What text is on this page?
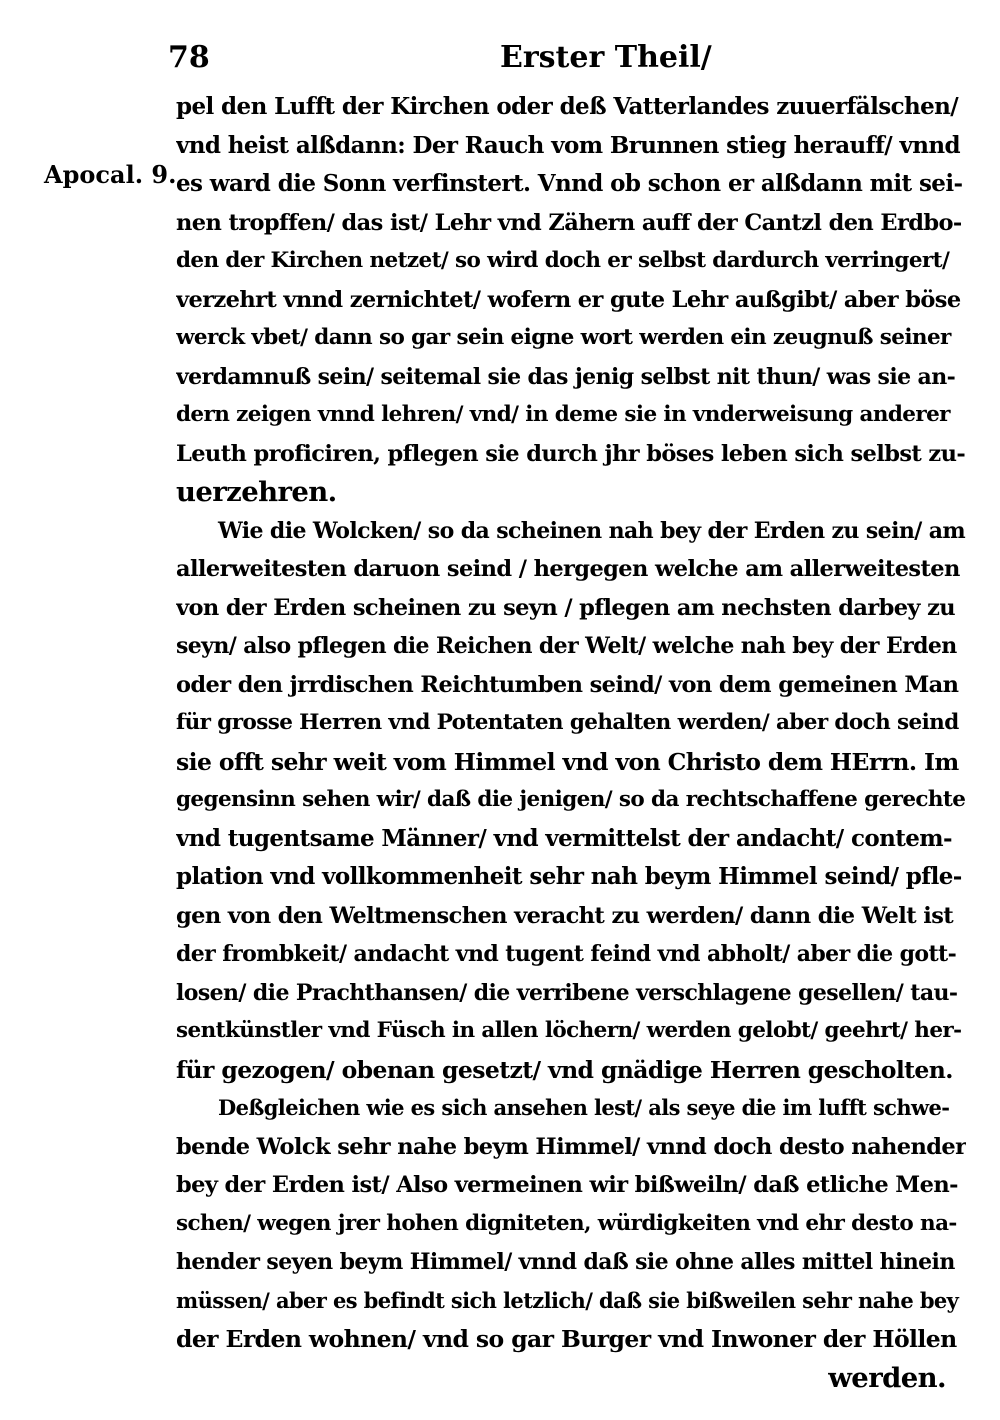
78	Erster Theil/
Apocal. 9.
pel den Lufft der Kirchen oder deß Vatterlandes zuuerfälschen/
vnd heist alßdann: Der Rauch vom Brunnen stieg herauff/ vnnd
es ward die Sonn verfinstert. Vnnd ob schon er alßdann mit sei-
nen tropffen/ das ist/ Lehr vnd Zähern auff der Cantzl den Erdbo-
den der Kirchen netzet/ so wird doch er selbst dardurch verringert/
verzehrt vnnd zernichtet/ wofern er gute Lehr außgibt/ aber böse
werck vbet/ dann so gar sein eigne wort werden ein zeugnuß seiner
verdamnuß sein/ seitemal sie das jenig selbst nit thun/ was sie an-
dern zeigen vnnd lehren/ vnd/ in deme sie in vnderweisung anderer
Leuth proficiren, pflegen sie durch jhr böses leben sich selbst zu-
uerzehren.
Wie die Wolcken/ so da scheinen nah bey der Erden zu sein/ am
allerweitesten daruon seind / hergegen welche am allerweitesten
von der Erden scheinen zu seyn / pflegen am nechsten darbey zu
seyn/ also pflegen die Reichen der Welt/ welche nah bey der Erden
oder den jrrdischen Reichtumben seind/ von dem gemeinen Man
für grosse Herren vnd Potentaten gehalten werden/ aber doch seind
sie offt sehr weit vom Himmel vnd von Christo dem HErrn. Im
gegensinn sehen wir/ daß die jenigen/ so da rechtschaffene gerechte
vnd tugentsame Männer/ vnd vermittelst der andacht/ contem-
plation vnd vollkommenheit sehr nah beym Himmel seind/ pfle-
gen von den Weltmenschen veracht zu werden/ dann die Welt ist
der frombkeit/ andacht vnd tugent feind vnd abholt/ aber die gott-
losen/ die Prachthansen/ die verribene verschlagene gesellen/ tau-
sentkünstler vnd Füsch in allen löchern/ werden gelobt/ geehrt/ her-
für gezogen/ obenan gesetzt/ vnd gnädige Herren gescholten.
Deßgleichen wie es sich ansehen lest/ als seye die im lufft schwe-
bende Wolck sehr nahe beym Himmel/ vnnd doch desto nahender
bey der Erden ist/ Also vermeinen wir bißweiln/ daß etliche Men-
schen/ wegen jrer hohen digniteten, würdigkeiten vnd ehr desto na-
hender seyen beym Himmel/ vnnd daß sie ohne alles mittel hinein
müssen/ aber es befindt sich letzlich/ daß sie bißweilen sehr nahe bey
der Erden wohnen/ vnd so gar Burger vnd Inwoner der Höllen
werden.
